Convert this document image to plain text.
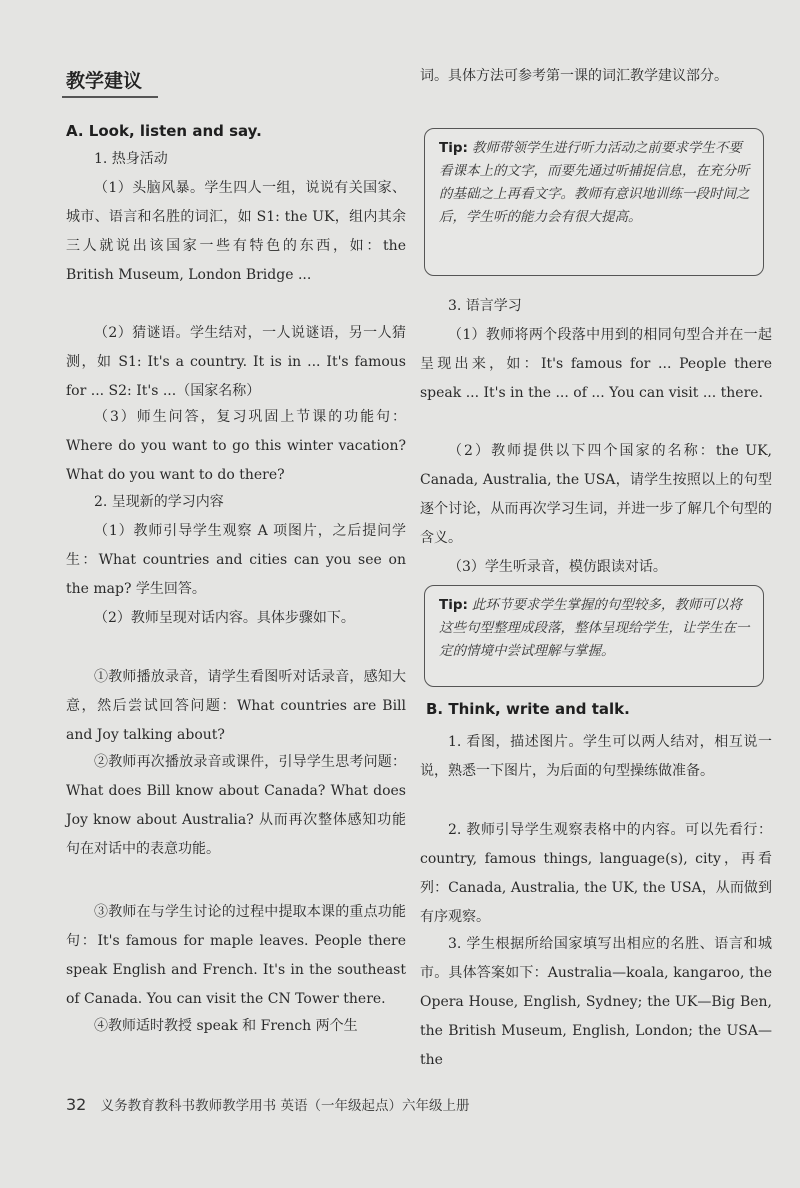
教学建议
A. Look, listen and say.
1. 热身活动
（1）头脑风暴。学生四人一组，说说有关国家、城市、语言和名胜的词汇，如 S1: the UK，组内其余三人就说出该国家一些有特色的东西，如：the British Museum, London Bridge ...
（2）猜谜语。学生结对，一人说谜语，另一人猜测，如 S1: It's a country. It is in ... It's famous for ... S2: It's ...（国家名称）
（3）师生问答，复习巩固上节课的功能句：Where do you want to go this winter vacation? What do you want to do there?
2. 呈现新的学习内容
（1）教师引导学生观察 A 项图片，之后提问学生：What countries and cities can you see on the map? 学生回答。
（2）教师呈现对话内容。具体步骤如下。
①教师播放录音，请学生看图听对话录音，感知大意，然后尝试回答问题：What countries are Bill and Joy talking about?
②教师再次播放录音或课件，引导学生思考问题：What does Bill know about Canada? What does Joy know about Australia? 从而再次整体感知功能句在对话中的表意功能。
③教师在与学生讨论的过程中提取本课的重点功能句：It's famous for maple leaves. People there speak English and French. It's in the southeast of Canada. You can visit the CN Tower there.
④教师适时教授 speak 和 French 两个生
词。具体方法可参考第一课的词汇教学建议部分。
Tip: 教师带领学生进行听力活动之前要求学生不要看课本上的文字，而要先通过听捕捉信息，在充分听的基础之上再看文字。教师有意识地训练一段时间之后，学生听的能力会有很大提高。
3. 语言学习
（1）教师将两个段落中用到的相同句型合并在一起呈现出来，如：It's famous for ... People there speak ... It's in the ... of ... You can visit ... there.
（2）教师提供以下四个国家的名称：the UK, Canada, Australia, the USA，请学生按照以上的句型逐个讨论，从而再次学习生词，并进一步了解几个句型的含义。
（3）学生听录音，模仿跟读对话。
Tip: 此环节要求学生掌握的句型较多，教师可以将这些句型整理成段落，整体呈现给学生，让学生在一定的情境中尝试理解与掌握。
B. Think, write and talk.
1. 看图，描述图片。学生可以两人结对，相互说一说，熟悉一下图片，为后面的句型操练做准备。
2. 教师引导学生观察表格中的内容。可以先看行：country, famous things, language(s), city，再看列：Canada, Australia, the UK, the USA，从而做到有序观察。
3. 学生根据所给国家填写出相应的名胜、语言和城市。具体答案如下：Australia—koala, kangaroo, the Opera House, English, Sydney; the UK—Big Ben, the British Museum, English, London; the USA—the
32 义务教育教科书教师教学用书 英语（一年级起点）六年级上册
